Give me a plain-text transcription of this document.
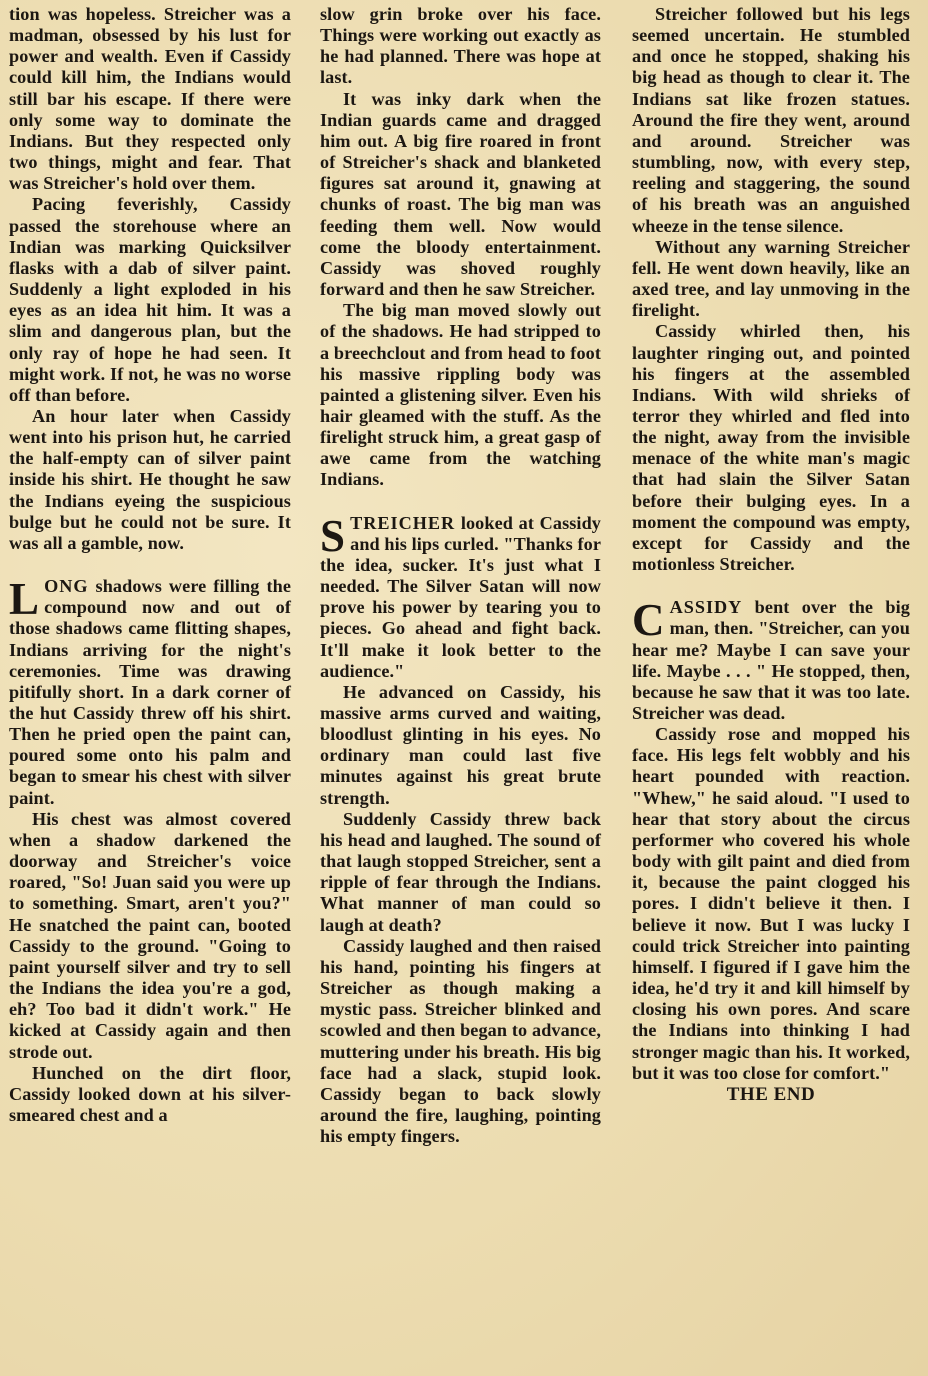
tion was hopeless. Streicher was a madman, obsessed by his lust for power and wealth. Even if Cassidy could kill him, the Indians would still bar his escape. If there were only some way to dominate the Indians. But they respected only two things, might and fear. That was Streicher's hold over them.

Pacing feverishly, Cassidy passed the storehouse where an Indian was marking Quicksilver flasks with a dab of silver paint. Suddenly a light exploded in his eyes as an idea hit him. It was a slim and dangerous plan, but the only ray of hope he had seen. It might work. If not, he was no worse off than before.

An hour later when Cassidy went into his prison hut, he carried the half-empty can of silver paint inside his shirt. He thought he saw the Indians eyeing the suspicious bulge but he could not be sure. It was all a gamble, now.

LONG shadows were filling the compound now and out of those shadows came flitting shapes, Indians arriving for the night's ceremonies. Time was drawing pitifully short. In a dark corner of the hut Cassidy threw off his shirt. Then he pried open the paint can, poured some onto his palm and began to smear his chest with silver paint.

His chest was almost covered when a shadow darkened the doorway and Streicher's voice roared, "So! Juan said you were up to something. Smart, aren't you?" He snatched the paint can, booted Cassidy to the ground. "Going to paint yourself silver and try to sell the Indians the idea you're a god, eh? Too bad it didn't work." He kicked at Cassidy again and then strode out.

Hunched on the dirt floor, Cassidy looked down at his silver-smeared chest and a

slow grin broke over his face. Things were working out exactly as he had planned. There was hope at last.

It was inky dark when the Indian guards came and dragged him out. A big fire roared in front of Streicher's shack and blanketed figures sat around it, gnawing at chunks of roast. The big man was feeding them well. Now would come the bloody entertainment. Cassidy was shoved roughly forward and then he saw Streicher.

The big man moved slowly out of the shadows. He had stripped to a breechclout and from head to foot his massive rippling body was painted a glistening silver. Even his hair gleamed with the stuff. As the firelight struck him, a great gasp of awe came from the watching Indians.

STREICHER looked at Cassidy and his lips curled. "Thanks for the idea, sucker. It's just what I needed. The Silver Satan will now prove his power by tearing you to pieces. Go ahead and fight back. It'll make it look better to the audience."

He advanced on Cassidy, his massive arms curved and waiting, bloodlust glinting in his eyes. No ordinary man could last five minutes against his great brute strength.

Suddenly Cassidy threw back his head and laughed. The sound of that laugh stopped Streicher, sent a ripple of fear through the Indians. What manner of man could so laugh at death?

Cassidy laughed and then raised his hand, pointing his fingers at Streicher as though making a mystic pass. Streicher blinked and scowled and then began to advance, muttering under his breath. His big face had a slack, stupid look. Cassidy began to back slowly around the fire, laughing, pointing his empty fingers.

Streicher followed but his legs seemed uncertain. He stumbled and once he stopped, shaking his big head as though to clear it. The Indians sat like frozen statues. Around the fire they went, around and around. Streicher was stumbling, now, with every step, reeling and staggering, the sound of his breath was an anguished wheeze in the tense silence.

Without any warning Streicher fell. He went down heavily, like an axed tree, and lay unmoving in the firelight.

Cassidy whirled then, his laughter ringing out, and pointed his fingers at the assembled Indians. With wild shrieks of terror they whirled and fled into the night, away from the invisible menace of the white man's magic that had slain the Silver Satan before their bulging eyes. In a moment the compound was empty, except for Cassidy and the motionless Streicher.

CASSIDY bent over the big man, then. "Streicher, can you hear me? Maybe I can save your life. Maybe . . . " He stopped, then, because he saw that it was too late. Streicher was dead.

Cassidy rose and mopped his face. His legs felt wobbly and his heart pounded with reaction. "Whew," he said aloud. "I used to hear that story about the circus performer who covered his whole body with gilt paint and died from it, because the paint clogged his pores. I didn't believe it then. I believe it now. But I was lucky I could trick Streicher into painting himself. I figured if I gave him the idea, he'd try it and kill himself by closing his own pores. And scare the Indians into thinking I had stronger magic than his. It worked, but it was too close for comfort."

THE END
